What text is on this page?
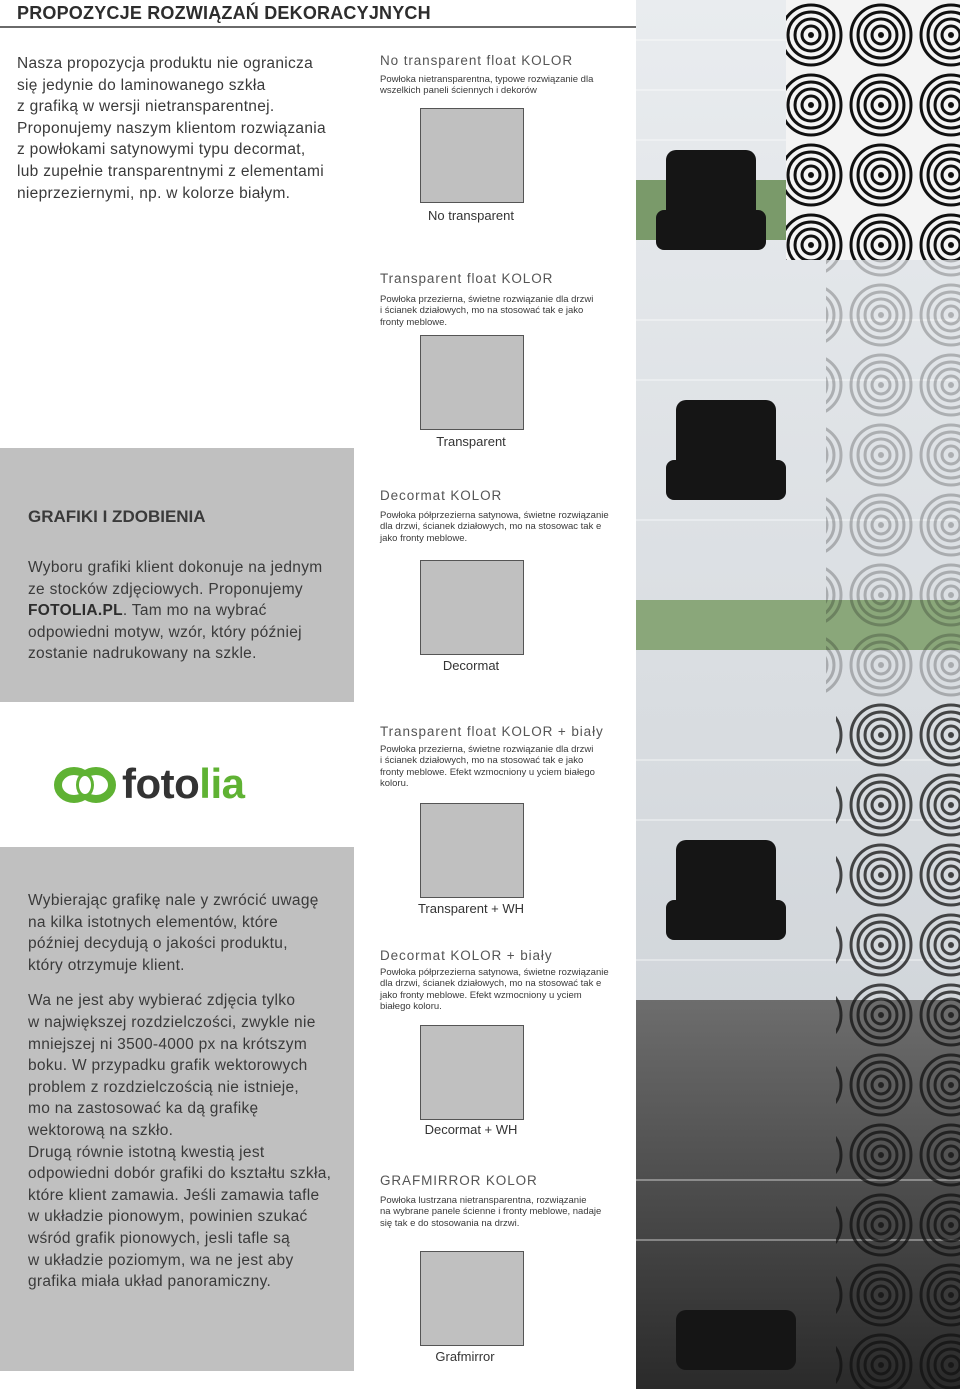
PROPOZYCJE ROZWIĄZAŃ DEKORACYJNYCH
Nasza propozycja produktu nie ogranicza
się jedynie do laminowanego szkła
z grafiką w wersji nietransparentnej.
Proponujemy naszym klientom rozwiązania
z powłokami satynowymi typu decormat,
lub zupełnie transparentnymi z elementami
nieprzeziernymi, np. w kolorze białym.
GRAFIKI I ZDOBIENIA
Wyboru grafiki klient dokonuje na jednym
ze stocków zdjęciowych. Proponujemy
FOTOLIA.PL. Tam mo na wybrać
odpowiedni motyw, wzór, który później
zostanie nadrukowany na szkle.
fotolia
Wybierając grafikę nale y zwrócić uwagę
na kilka istotnych elementów, które
później decydują o jakości produktu,
który otrzymuje klient.
Wa ne jest aby wybierać zdjęcia tylko
w największej rozdzielczości, zwykle nie
mniejszej ni 3500-4000 px na krótszym
boku. W przypadku grafik wektorowych
problem z rozdzielczością nie istnieje,
mo na zastosować ka dą grafikę
wektorową na szkło.
Drugą równie istotną kwestią jest
odpowiedni dobór grafiki do kształtu szkła,
które klient zamawia. Jeśli zamawia tafle
w układzie pionowym, powinien szukać
wśród grafik pionowych, jesli tafle są
w układzie poziomym, wa ne jest aby
grafika miała układ panoramiczny.
No transparent float KOLOR
Powłoka nietransparentna, typowe rozwiązanie dla
wszelkich paneli ściennych i dekorów
No transparent
Transparent float KOLOR
Powłoka przezierna, świetne rozwiązanie dla drzwi
i ścianek działowych, mo na stosować tak e jako
fronty meblowe.
Transparent
Decormat KOLOR
Powłoka półprzezierna satynowa, świetne rozwiązanie
dla drzwi, ścianek działowych, mo na stosowac tak e
jako fronty meblowe.
Decormat
Transparent float KOLOR + biały
Powłoka przezierna, świetne rozwiązanie dla drzwi
i ścianek działowych, mo na stosować tak e jako
fronty meblowe. Efekt wzmocniony u yciem białego
koloru.
Transparent + WH
Decormat KOLOR + biały
Powłoka półprzezierna satynowa, świetne rozwiązanie
dla drzwi, ścianek działowych, mo na stosować tak e
jako fronty meblowe. Efekt wzmocniony u yciem
białego koloru.
Decormat + WH
GRAFMIRROR KOLOR
Powłoka lustrzana nietransparentna, rozwiązanie
na wybrane panele ścienne i fronty meblowe, nadaje
się tak e do stosowania na drzwi.
Grafmirror
